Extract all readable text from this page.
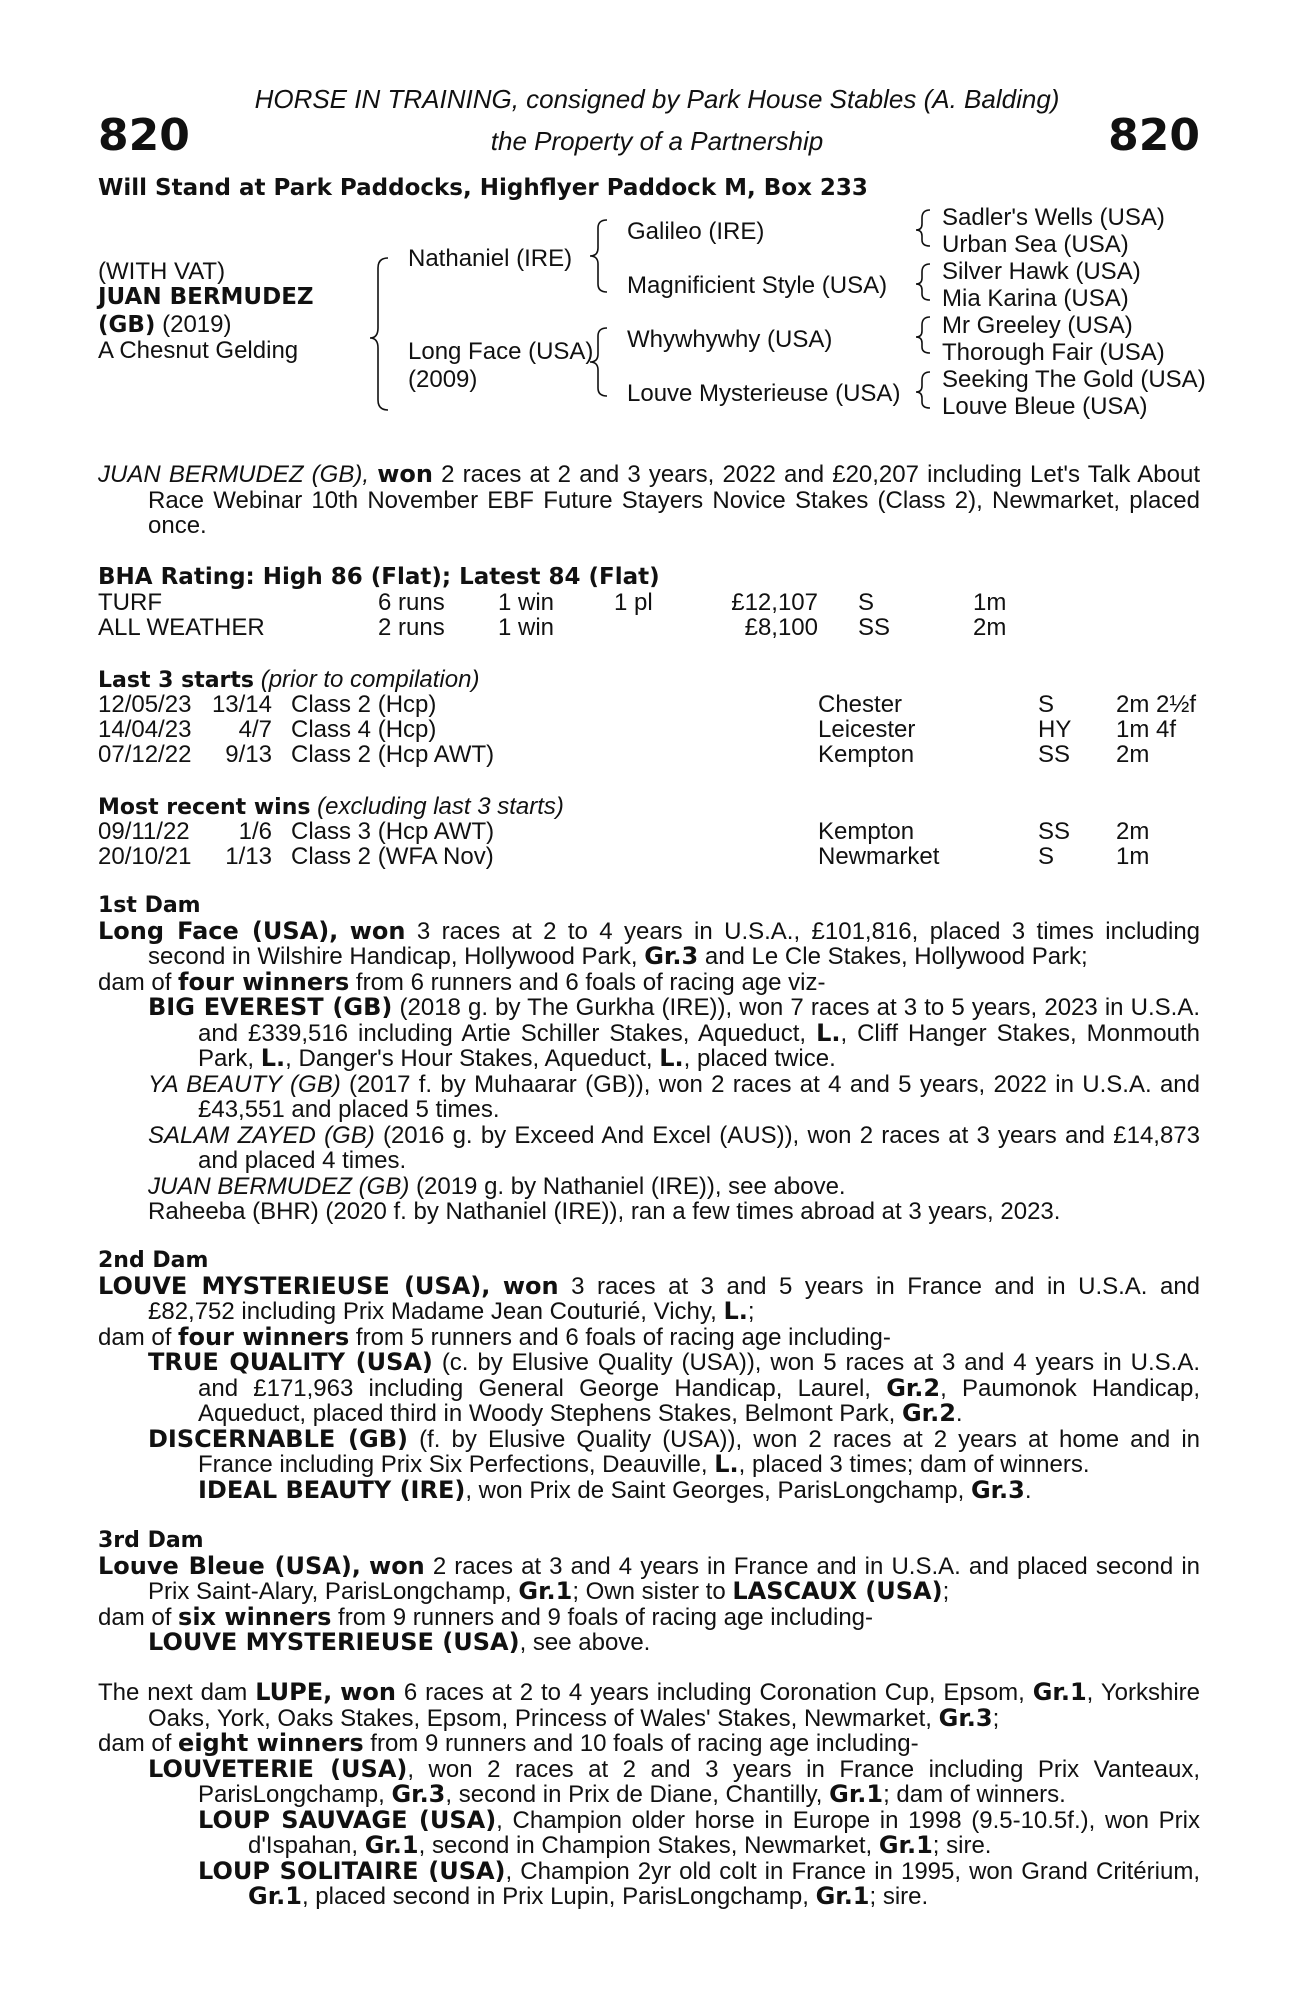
820	820
HORSE IN TRAINING, consigned by Park House Stables (A. Balding)
the Property of a Partnership
Will Stand at Park Paddocks, Highflyer Paddock M, Box 233
(WITH VAT)
JUAN BERMUDEZ
(GB) (2019)
A Chesnut Gelding
Nathaniel (IRE)
Long Face (USA)
(2009)
Galileo (IRE)
Magnificient Style (USA)
Whywhywhy (USA)
Louve Mysterieuse (USA)
Sadler's Wells (USA)
Urban Sea (USA)
Silver Hawk (USA)
Mia Karina (USA)
Mr Greeley (USA)
Thorough Fair (USA)
Seeking The Gold (USA)
Louve Bleue (USA)

JUAN BERMUDEZ (GB), won 2 races at 2 and 3 years, 2022 and £20,207 including Let's Talk About Race Webinar 10th November EBF Future Stayers Novice Stakes (Class 2), Newmarket, placed once.

BHA Rating: High 86 (Flat); Latest 84 (Flat)
TURF	6 runs 1 win 1 pl	£12,107 S	1m
ALL WEATHER	2 runs 1 win	£8,100 SS	2m
Last 3 starts (prior to compilation)
12/05/23 13/14 Class 2 (Hcp)	Chester	S	2m 2½f
14/04/23 4/7 Class 4 (Hcp)	Leicester	HY 1m 4f
07/12/22 9/13 Class 2 (Hcp AWT)	Kempton	SS 2m
Most recent wins (excluding last 3 starts)
09/11/22 1/6 Class 3 (Hcp AWT)	Kempton	SS 2m
20/10/21 1/13 Class 2 (WFA Nov)	Newmarket	S	1m

1st Dam

Long Face (USA), won 3 races at 2 to 4 years in U.S.A., £101,816, placed 3 times including second in Wilshire Handicap, Hollywood Park, Gr.3 and Le Cle Stakes, Hollywood Park;

dam of four winners from 6 runners and 6 foals of racing age viz-

BIG EVEREST (GB) (2018 g. by The Gurkha (IRE)), won 7 races at 3 to 5 years, 2023 in U.S.A. and £339,516 including Artie Schiller Stakes, Aqueduct, L., Cliff Hanger Stakes, Monmouth Park, L., Danger's Hour Stakes, Aqueduct, L., placed twice.

YA BEAUTY (GB) (2017 f. by Muhaarar (GB)), won 2 races at 4 and 5 years, 2022 in U.S.A. and £43,551 and placed 5 times.

SALAM ZAYED (GB) (2016 g. by Exceed And Excel (AUS)), won 2 races at 3 years and £14,873 and placed 4 times.

JUAN BERMUDEZ (GB) (2019 g. by Nathaniel (IRE)), see above.

Raheeba (BHR) (2020 f. by Nathaniel (IRE)), ran a few times abroad at 3 years, 2023.

2nd Dam

LOUVE MYSTERIEUSE (USA), won 3 races at 3 and 5 years in France and in U.S.A. and £82,752 including Prix Madame Jean Couturié, Vichy, L.;

dam of four winners from 5 runners and 6 foals of racing age including-

TRUE QUALITY (USA) (c. by Elusive Quality (USA)), won 5 races at 3 and 4 years in U.S.A. and £171,963 including General George Handicap, Laurel, Gr.2, Paumonok Handicap, Aqueduct, placed third in Woody Stephens Stakes, Belmont Park, Gr.2.

DISCERNABLE (GB) (f. by Elusive Quality (USA)), won 2 races at 2 years at home and in France including Prix Six Perfections, Deauville, L., placed 3 times; dam of winners.

IDEAL BEAUTY (IRE), won Prix de Saint Georges, ParisLongchamp, Gr.3.

3rd Dam

Louve Bleue (USA), won 2 races at 3 and 4 years in France and in U.S.A. and placed second in Prix Saint-Alary, ParisLongchamp, Gr.1; Own sister to LASCAUX (USA);

dam of six winners from 9 runners and 9 foals of racing age including-

LOUVE MYSTERIEUSE (USA), see above.

The next dam LUPE, won 6 races at 2 to 4 years including Coronation Cup, Epsom, Gr.1, Yorkshire Oaks, York, Oaks Stakes, Epsom, Princess of Wales' Stakes, Newmarket, Gr.3;

dam of eight winners from 9 runners and 10 foals of racing age including-

LOUVETERIE (USA), won 2 races at 2 and 3 years in France including Prix Vanteaux, ParisLongchamp, Gr.3, second in Prix de Diane, Chantilly, Gr.1; dam of winners.

LOUP SAUVAGE (USA), Champion older horse in Europe in 1998 (9.5-10.5f.), won Prix d'Ispahan, Gr.1, second in Champion Stakes, Newmarket, Gr.1; sire.

LOUP SOLITAIRE (USA), Champion 2yr old colt in France in 1995, won Grand Critérium, Gr.1, placed second in Prix Lupin, ParisLongchamp, Gr.1; sire.
